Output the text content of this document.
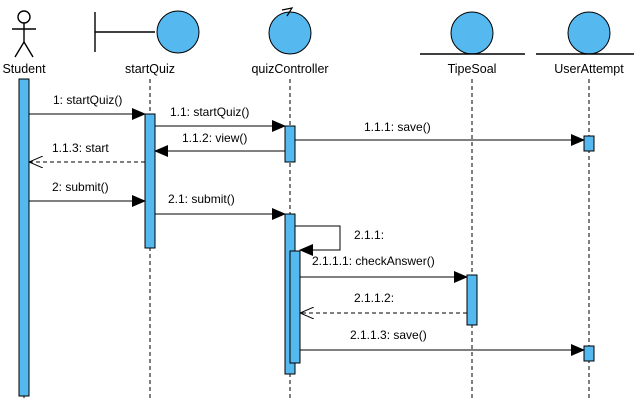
Student	startQuiz	quizController	TipeSoal	UserAttempt
1: startQuiz()
1.1: startQuiz()
1.1.1: save()
1.1.2: view()
1.1.3: start
2: submit()
2.1: submit()
2.1.1:
2.1.1.1: checkAnswer()
2.1.1.2:
2.1.1.3: save()
